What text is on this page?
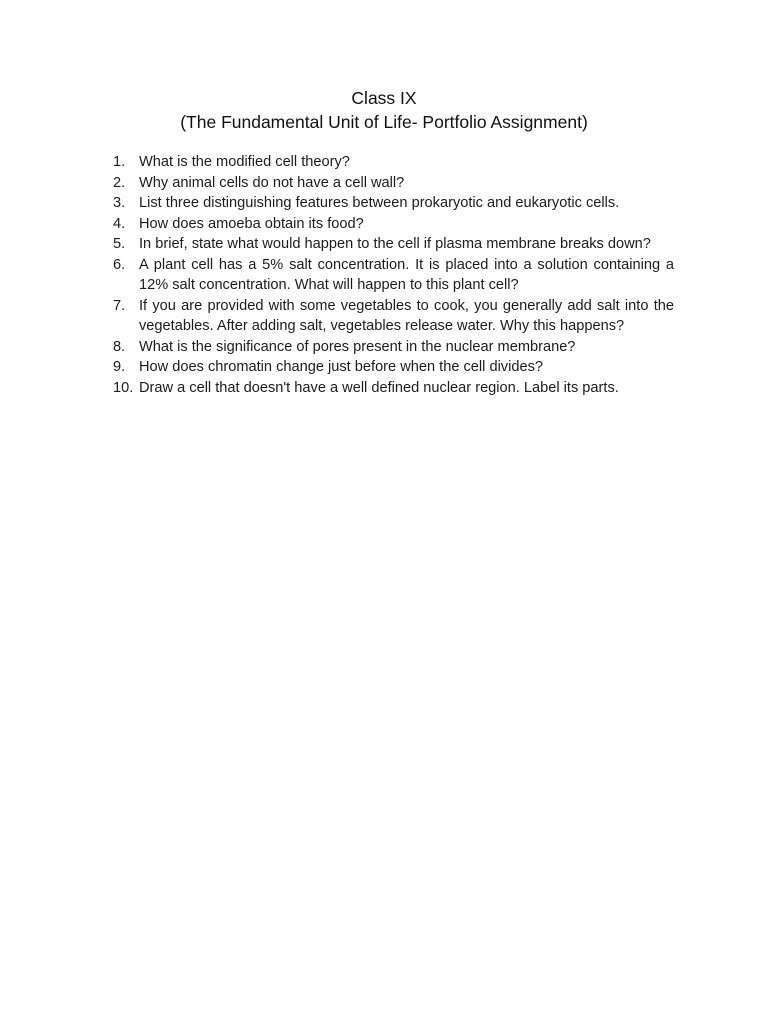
Class IX
(The Fundamental Unit of Life- Portfolio Assignment)
1. What is the modified cell theory?
2. Why animal cells do not have a cell wall?
3. List three distinguishing features between prokaryotic and eukaryotic cells.
4. How does amoeba obtain its food?
5. In brief, state what would happen to the cell if plasma membrane breaks down?
6. A plant cell has a 5% salt concentration. It is placed into a solution containing a 12% salt concentration. What will happen to this plant cell?
7. If you are provided with some vegetables to cook, you generally add salt into the vegetables. After adding salt, vegetables release water. Why this happens?
8. What is the significance of pores present in the nuclear membrane?
9. How does chromatin change just before when the cell divides?
10. Draw a cell that doesn't have a well defined nuclear region. Label its parts.
